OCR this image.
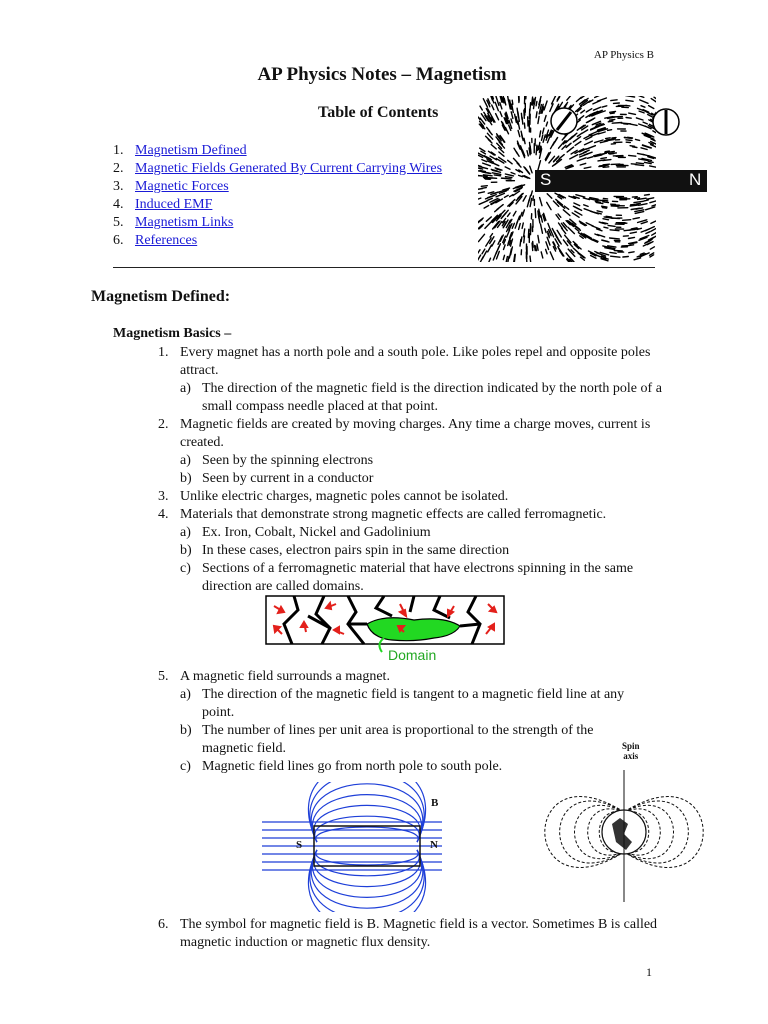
AP Physics B
AP Physics Notes – Magnetism
Table of Contents
1. Magnetism Defined
2. Magnetic Fields Generated By Current Carrying Wires
3. Magnetic Forces
4. Induced EMF
5. Magnetism Links
6. References
S	N
Magnetism Defined:
Magnetism Basics –
1. Every magnet has a north pole and a south pole. Like poles repel and opposite poles attract.
a) The direction of the magnetic field is the direction indicated by the north pole of a small compass needle placed at that point.
2. Magnetic fields are created by moving charges. Any time a charge moves, current is created.
a) Seen by the spinning electrons
b) Seen by current in a conductor
3. Unlike electric charges, magnetic poles cannot be isolated.
4. Materials that demonstrate strong magnetic effects are called ferromagnetic.
a) Ex. Iron, Cobalt, Nickel and Gadolinium
b) In these cases, electron pairs spin in the same direction
c) Sections of a ferromagnetic material that have electrons spinning in the same direction are called domains.
Domain
5. A magnetic field surrounds a magnet.
a) The direction of the magnetic field is tangent to a magnetic field line at any point.
b) The number of lines per unit area is proportional to the strength of the magnetic field.
c) Magnetic field lines go from north pole to south pole.
S	N
B
Spin
axis
6. The symbol for magnetic field is B. Magnetic field is a vector. Sometimes B is called magnetic induction or magnetic flux density.
1
